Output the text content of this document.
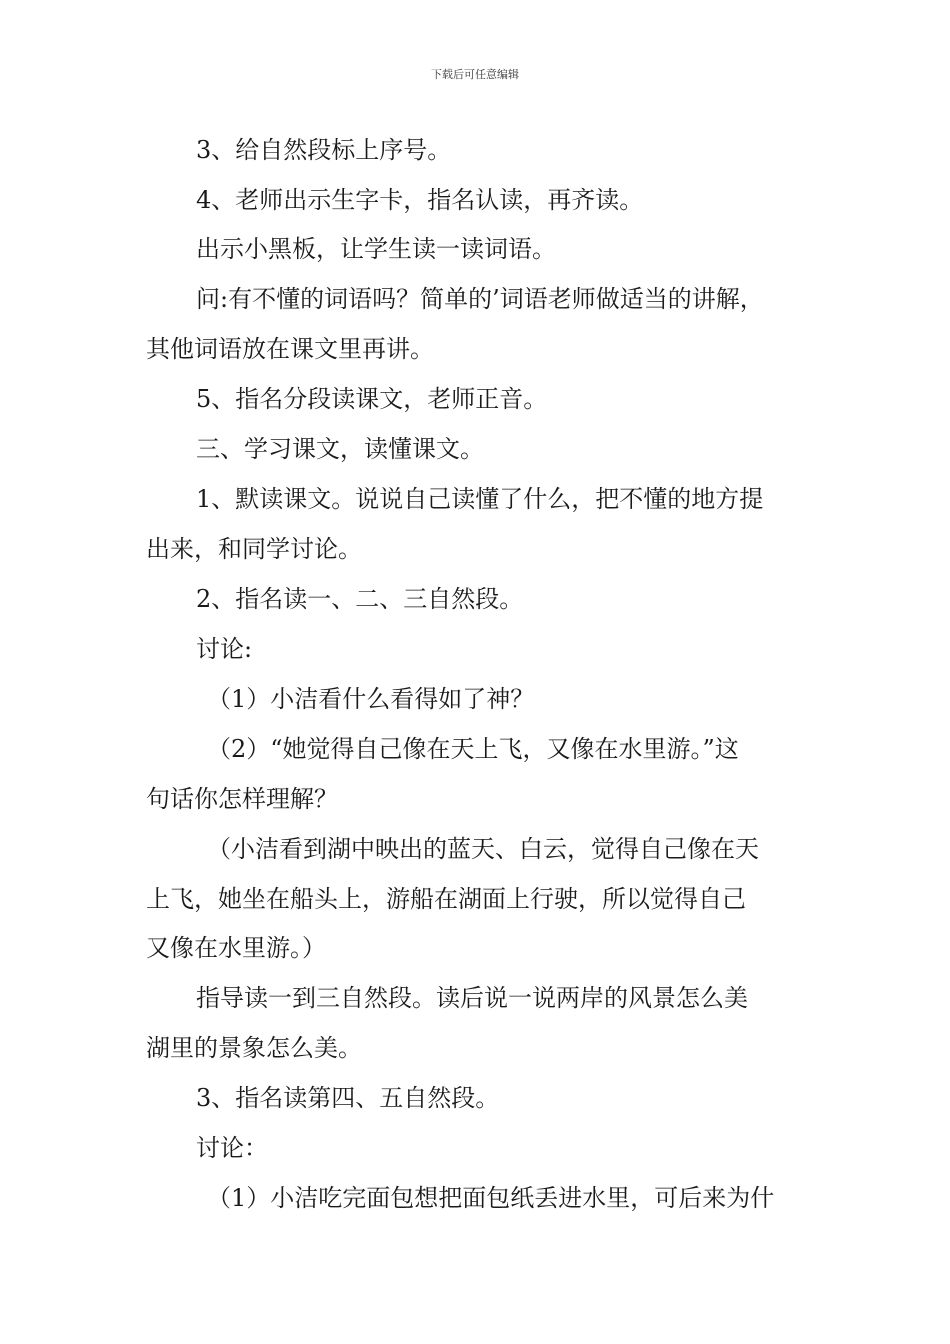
下载后可任意编辑
3、给自然段标上序号。
4、老师出示生字卡，指名认读，再齐读。
出示小黑板，让学生读一读词语。
问:有不懂的词语吗？简单的’词语老师做适当的讲解，
其他词语放在课文里再讲。
5、指名分段读课文，老师正音。
三、学习课文，读懂课文。
1、默读课文。说说自己读懂了什么，把不懂的地方提
出来，和同学讨论。
2、指名读一、二、三自然段。
讨论:
（1）小洁看什么看得如了神？
（2）“她觉得自己像在天上飞，又像在水里游。”这
句话你怎样理解？
（小洁看到湖中映出的蓝天、白云，觉得自己像在天
上飞，她坐在船头上，游船在湖面上行驶，所以觉得自己
又像在水里游。）
指导读一到三自然段。读后说一说两岸的风景怎么美
湖里的景象怎么美。
3、指名读第四、五自然段。
讨论：
（1）小洁吃完面包想把面包纸丢进水里，可后来为什
